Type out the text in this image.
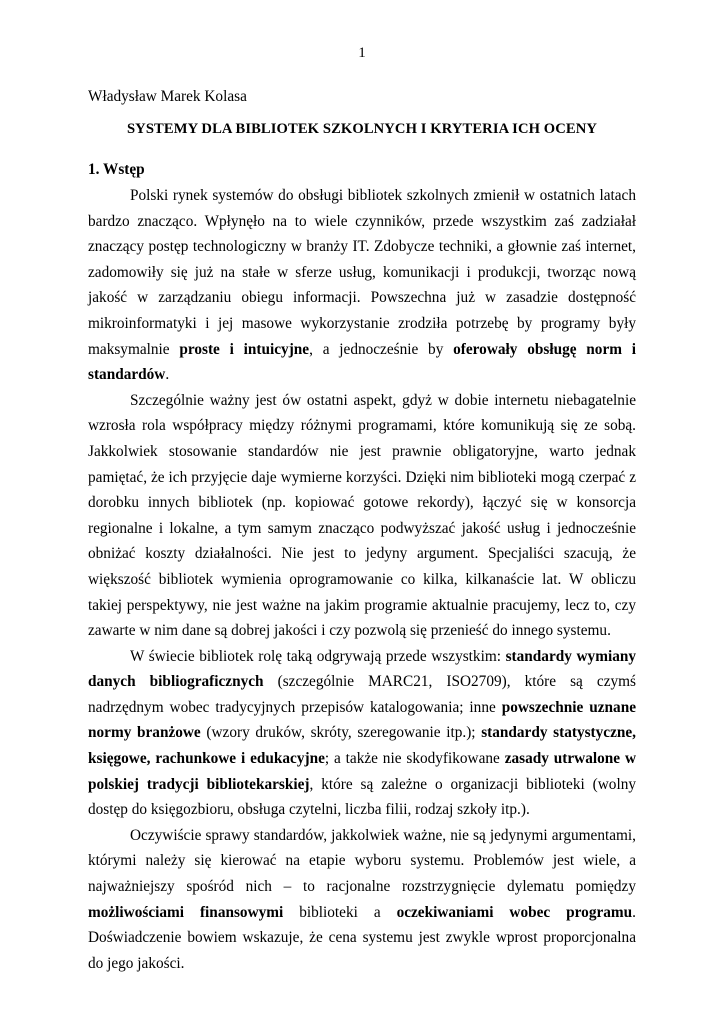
1
Władysław Marek Kolasa
SYSTEMY DLA BIBLIOTEK SZKOLNYCH I KRYTERIA ICH OCENY
1. Wstęp

Polski rynek systemów do obsługi bibliotek szkolnych zmienił w ostatnich latach bardzo znacząco. Wpłynęło na to wiele czynników, przede wszystkim zaś zadziałał znaczący postęp technologiczny w branży IT. Zdobycze techniki, a głownie zaś internet, zadomowiły się już na stałe w sferze usług, komunikacji i produkcji, tworząc nową jakość w zarządzaniu obiegu informacji. Powszechna już w zasadzie dostępność mikroinformatyki i jej masowe wykorzystanie zrodziła potrzebę by programy były maksymalnie proste i intuicyjne, a jednocześnie by oferowały obsługę norm i standardów.

Szczególnie ważny jest ów ostatni aspekt, gdyż w dobie internetu niebagatelnie wzrosła rola współpracy między różnymi programami, które komunikują się ze sobą. Jakkolwiek stosowanie standardów nie jest prawnie obligatoryjne, warto jednak pamiętać, że ich przyjęcie daje wymierne korzyści. Dzięki nim biblioteki mogą czerpać z dorobku innych bibliotek (np. kopiować gotowe rekordy), łączyć się w konsorcja regionalne i lokalne, a tym samym znacząco podwyższać jakość usług i jednocześnie obniżać koszty działalności. Nie jest to jedyny argument. Specjaliści szacują, że większość bibliotek wymienia oprogramowanie co kilka, kilkanaście lat. W obliczu takiej perspektywy, nie jest ważne na jakim programie aktualnie pracujemy, lecz to, czy zawarte w nim dane są dobrej jakości i czy pozwolą się przenieść do innego systemu.

W świecie bibliotek rolę taką odgrywają przede wszystkim: standardy wymiany danych bibliograficznych (szczególnie MARC21, ISO2709), które są czymś nadrzędnym wobec tradycyjnych przepisów katalogowania; inne powszechnie uznane normy branżowe (wzory druków, skróty, szeregowanie itp.); standardy statystyczne, księgowe, rachunkowe i edukacyjne; a także nie skodyfikowane zasady utrwalone w polskiej tradycji bibliotekarskiej, które są zależne o organizacji biblioteki (wolny dostęp do księgozbioru, obsługa czytelni, liczba filii, rodzaj szkoły itp.).

Oczywiście sprawy standardów, jakkolwiek ważne, nie są jedynymi argumentami, którymi należy się kierować na etapie wyboru systemu. Problemów jest wiele, a najważniejszy spośród nich – to racjonalne rozstrzygnięcie dylematu pomiędzy możliwościami finansowymi biblioteki a oczekiwaniami wobec programu. Doświadczenie bowiem wskazuje, że cena systemu jest zwykle wprost proporcjonalna do jego jakości.
